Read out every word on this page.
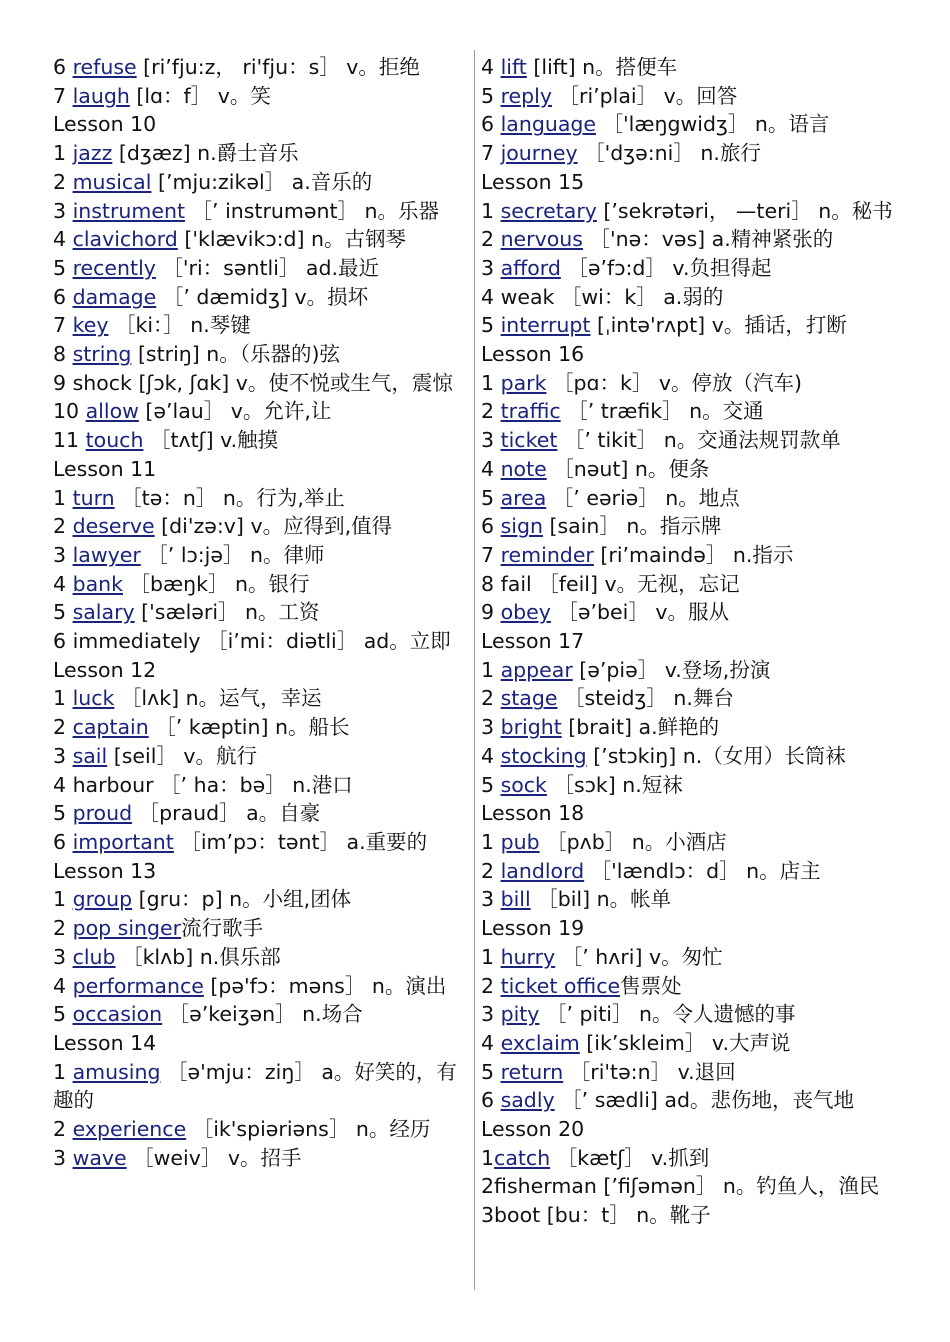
6 refuse [ri’fju:z， ri'fju：s］ v。拒绝
7 laugh [lɑ：f］ v。笑
Lesson 10
1 jazz [dʒæz] n.爵士音乐
2 musical [’mju:zikəl］ a.音乐的
3 instrument ［’ instrumənt］ n。乐器
4 clavichord ['klævikɔ:d] n。古钢琴
5 recently ［'ri：səntli］ ad.最近
6 damage ［’ dæmidʒ] v。损坏
7 key ［ki：］ n.琴键
8 string [striŋ] n。（乐器的)弦
9 shock [ʃɔk, ʃɑk] v。使不悦或生气，震惊
10 allow [ə’lau］ v。允许,让
11 touch ［tʌtʃ] v.触摸
Lesson 11
1 turn ［tə：n］ n。行为,举止
2 deserve [di'zə:v] v。应得到,值得
3 lawyer ［’ lɔ:jə］ n。律师
4 bank ［bæŋk］ n。银行
5 salary ['sæləri］ n。工资
6 immediately ［i’mi：diətli］ ad。立即
Lesson 12
1 luck ［lʌk] n。运气，幸运
2 captain ［’ kæptin] n。船长
3 sail [seil］ v。航行
4 harbour ［’ ha：bə］ n.港口
5 proud ［praud］ a。自豪
6 important ［im’pɔ：tənt］ a.重要的
Lesson 13
1 group [gru：p] n。小组,团体
2 pop singer流行歌手
3 club ［klʌb] n.俱乐部
4 performance [pə'fɔ：məns］ n。演出
5 occasion ［ə’keiʒən］ n.场合
Lesson 14
1 amusing ［ə'mju：ziŋ］ a。好笑的，有趣的
2 experience ［ik'spiəriəns］ n。经历
3 wave ［weiv］ v。招手
4 lift [lift] n。搭便车
5 reply ［ri’plai］ v。回答
6 language ［'læŋgwidʒ］ n。语言
7 journey ［'dʒə:ni］ n.旅行
Lesson 15
1 secretary [’sekrətəri， —teri］ n。秘书
2 nervous ［'nə：vəs] a.精神紧张的
3 afford ［ə’fɔ:d］ v.负担得起
4 weak ［wi：k］ a.弱的
5 interrupt [ˌintə'rʌpt] v。插话，打断
Lesson 16
1 park ［pɑ：k］ v。停放（汽车)
2 traffic ［’ træfik］ n。交通
3 ticket ［’ tikit］ n。交通法规罚款单
4 note ［nəut] n。便条
5 area ［’ eəriə］ n。地点
6 sign [sain］ n。指示牌
7 reminder [ri’maində］ n.指示
8 fail ［feil] v。无视，忘记
9 obey ［ə’bei］ v。服从
Lesson 17
1 appear [ə’piə］ v.登场,扮演
2 stage ［steidʒ］ n.舞台
3 bright [brait] a.鲜艳的
4 stocking [’stɔkiŋ] n.（女用）长筒袜
5 sock ［sɔk] n.短袜
Lesson 18
1 pub ［pʌb］ n。小酒店
2 landlord ［'lændlɔ：d］ n。店主
3 bill ［bil] n。帐单
Lesson 19
1 hurry ［’ hʌri] v。匆忙
2 ticket office售票处
3 pity ［’ piti］ n。令人遗憾的事
4 exclaim [ik’skleim］ v.大声说
5 return ［ri'tə:n］ v.退回
6 sadly ［’ sædli] ad。悲伤地，丧气地
Lesson 20
1catch ［kætʃ］ v.抓到
2fisherman [’fiʃəmən］ n。钓鱼人，渔民
3boot [bu：t］ n。靴子
